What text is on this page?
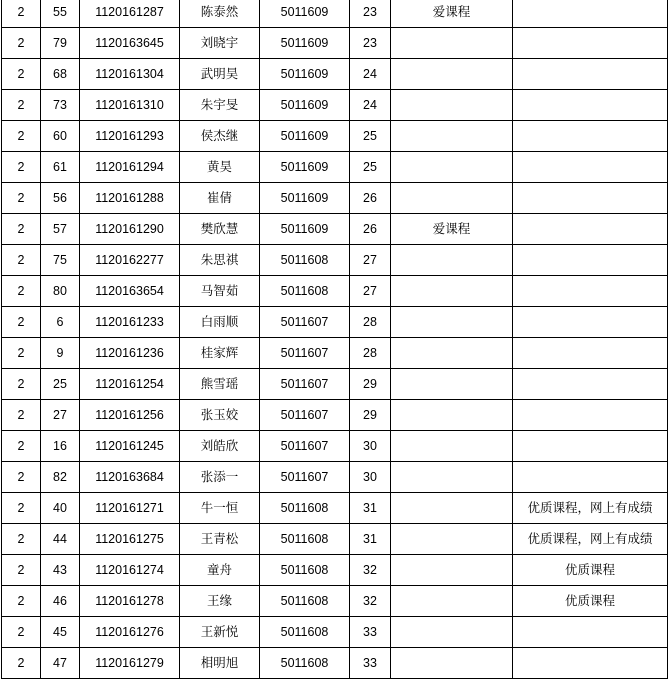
2	55	1120161287	陈泰然	5011609	23	爱课程	
2	79	1120163645	刘晓宇	5011609	23		
2	68	1120161304	武明昊	5011609	24		
2	73	1120161310	朱宇旻	5011609	24		
2	60	1120161293	侯杰继	5011609	25		
2	61	1120161294	黄昊	5011609	25		
2	56	1120161288	崔倩	5011609	26		
2	57	1120161290	樊欣慧	5011609	26	爱课程	
2	75	1120162277	朱思祺	5011608	27		
2	80	1120163654	马智茹	5011608	27		
2	6	1120161233	白雨顺	5011607	28		
2	9	1120161236	桂家辉	5011607	28		
2	25	1120161254	熊雪瑶	5011607	29		
2	27	1120161256	张玉姣	5011607	29		
2	16	1120161245	刘皓欣	5011607	30		
2	82	1120163684	张添一	5011607	30		
2	40	1120161271	牛一恒	5011608	31		优质课程，网上有成绩
2	44	1120161275	王青松	5011608	31		优质课程，网上有成绩
2	43	1120161274	童舟	5011608	32		优质课程
2	46	1120161278	王缘	5011608	32		优质课程
2	45	1120161276	王新悦	5011608	33		
2	47	1120161279	相明旭	5011608	33		
